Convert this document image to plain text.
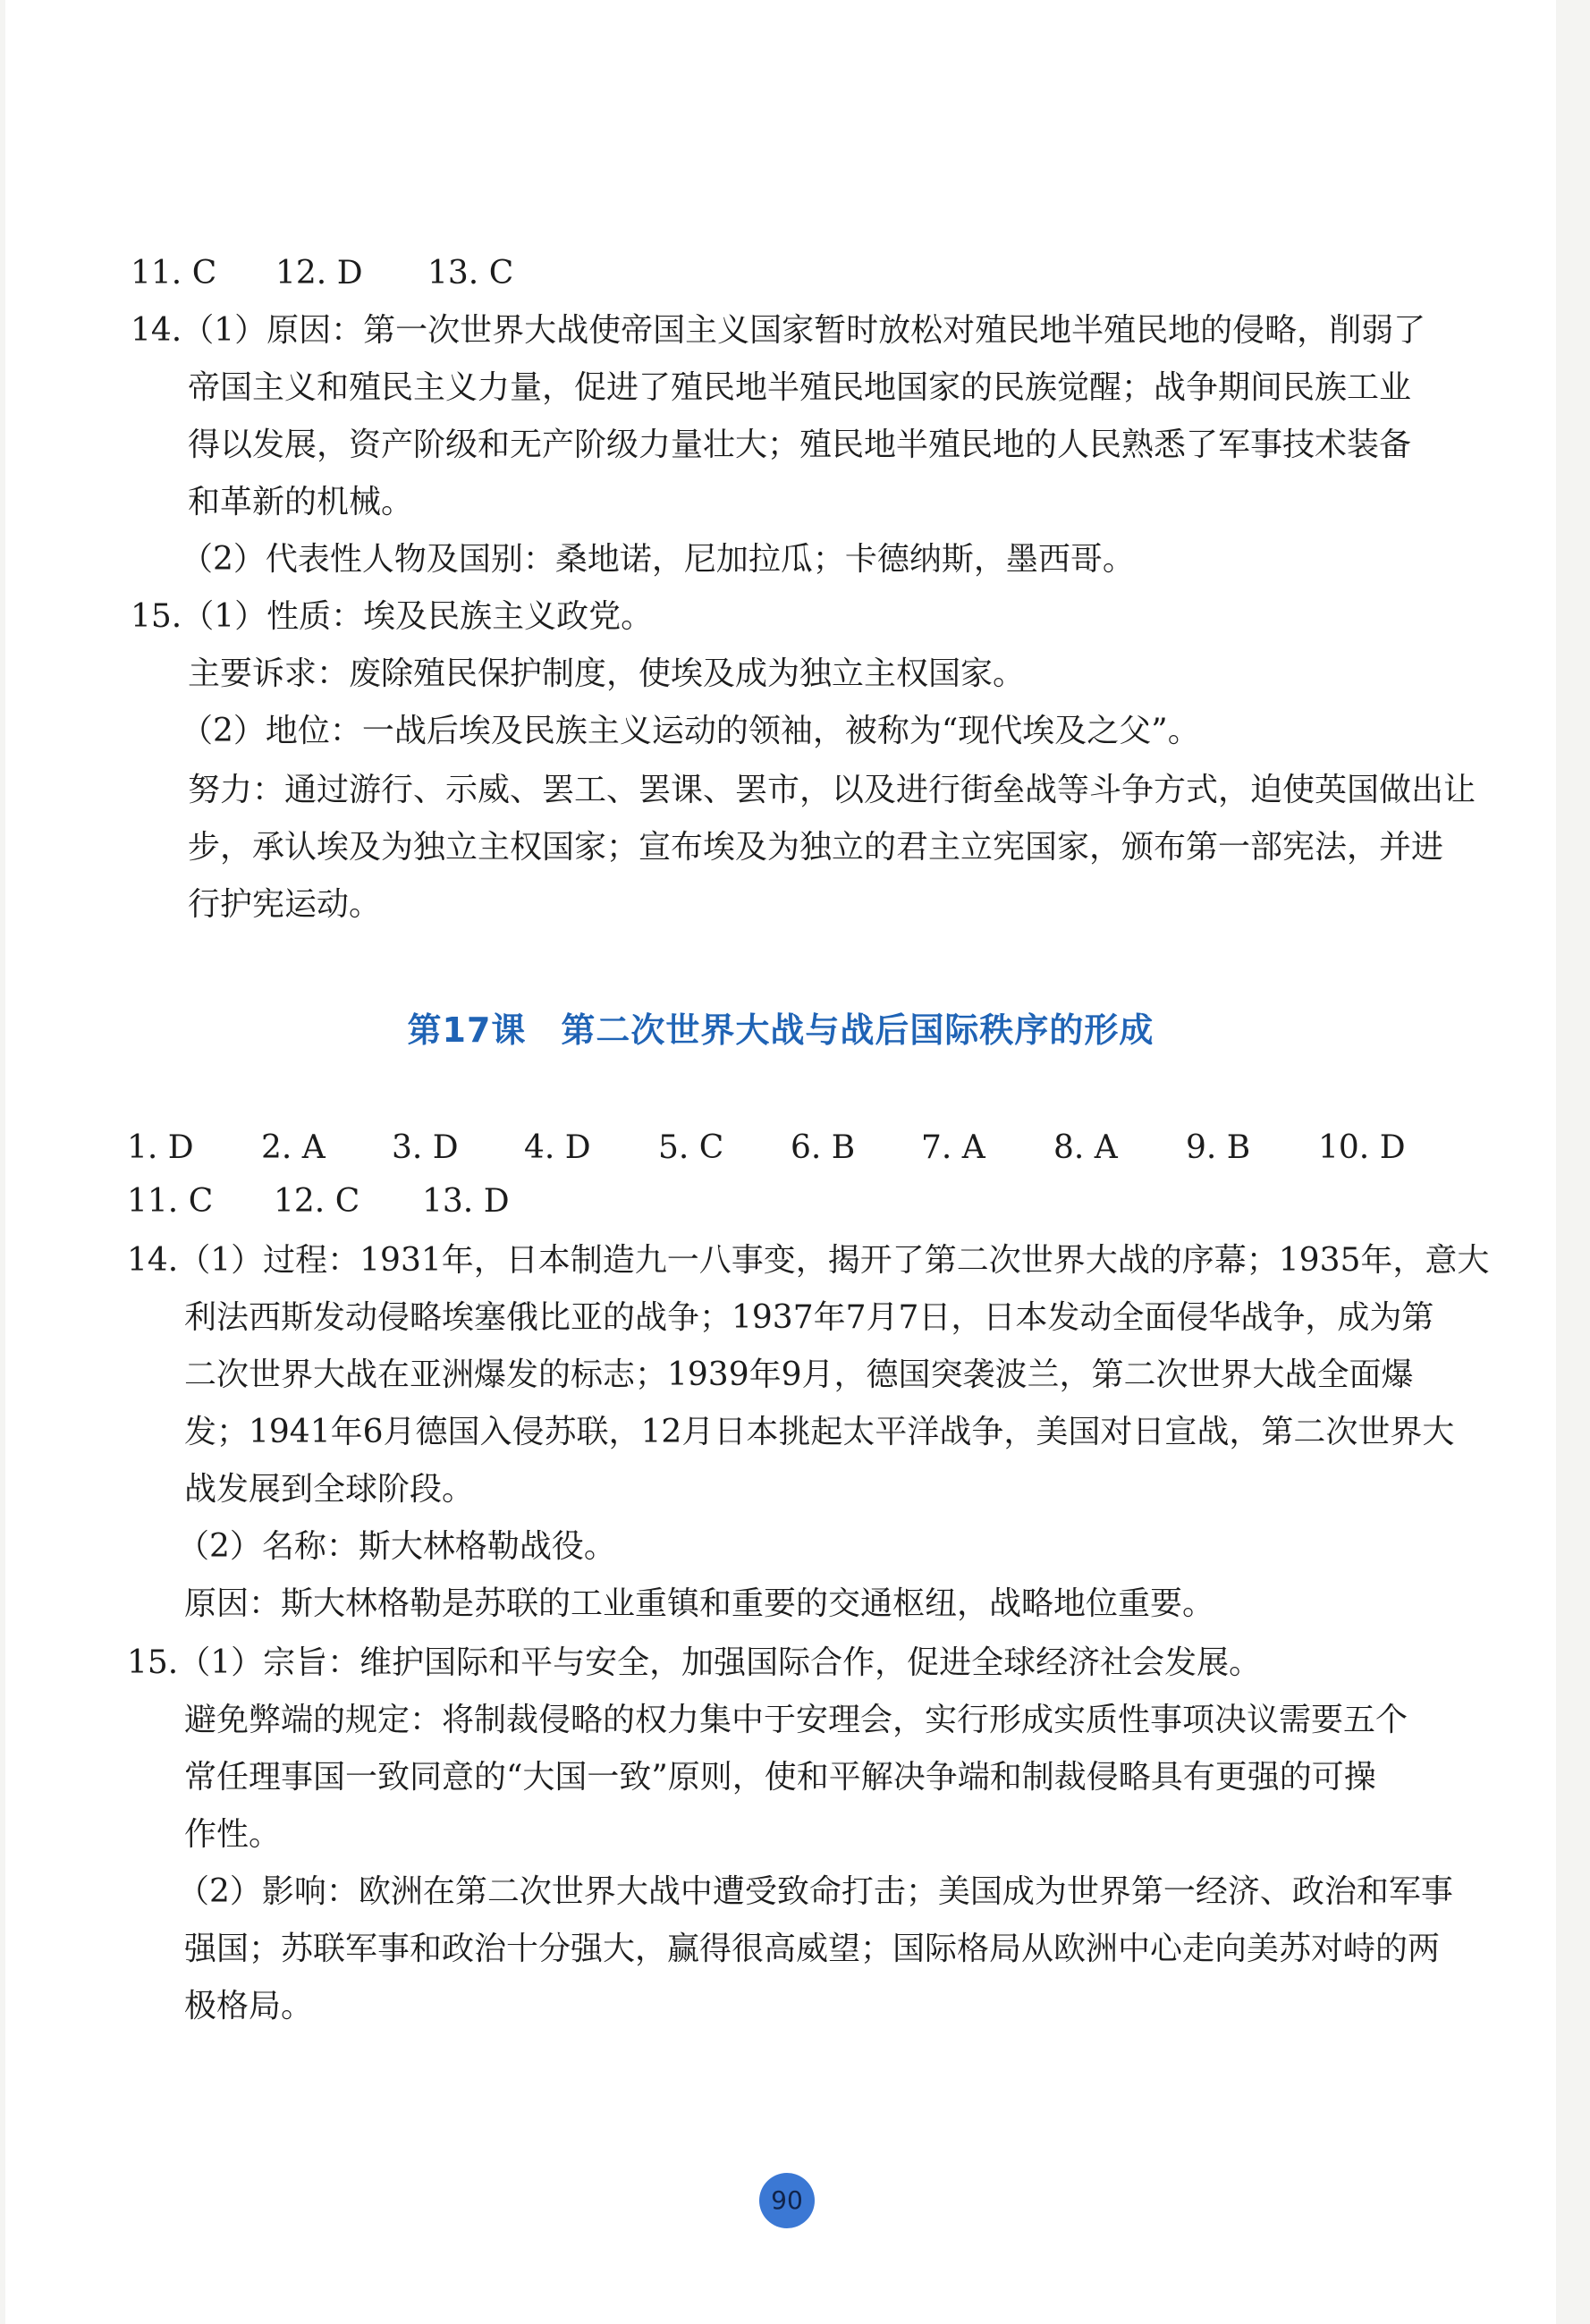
11. C 12. D 13. C
14.（1）原因：第一次世界大战使帝国主义国家暂时放松对殖民地半殖民地的侵略，削弱了
帝国主义和殖民主义力量，促进了殖民地半殖民地国家的民族觉醒；战争期间民族工业
得以发展，资产阶级和无产阶级力量壮大；殖民地半殖民地的人民熟悉了军事技术装备
和革新的机械。
（2）代表性人物及国别：桑地诺，尼加拉瓜；卡德纳斯，墨西哥。
15.（1）性质：埃及民族主义政党。
主要诉求：废除殖民保护制度，使埃及成为独立主权国家。
（2）地位：一战后埃及民族主义运动的领袖，被称为“现代埃及之父”。
努力：通过游行、示威、罢工、罢课、罢市，以及进行街垒战等斗争方式，迫使英国做出让
步，承认埃及为独立主权国家；宣布埃及为独立的君主立宪国家，颁布第一部宪法，并进
行护宪运动。
第17课　第二次世界大战与战后国际秩序的形成
1. D 2. A 3. D 4. D 5. C 6. B 7. A 8. A 9. B 10. D
11. C 12. C 13. D
14.（1）过程：1931年，日本制造九一八事变，揭开了第二次世界大战的序幕；1935年，意大
利法西斯发动侵略埃塞俄比亚的战争；1937年7月7日，日本发动全面侵华战争，成为第
二次世界大战在亚洲爆发的标志；1939年9月，德国突袭波兰，第二次世界大战全面爆
发；1941年6月德国入侵苏联，12月日本挑起太平洋战争，美国对日宣战，第二次世界大
战发展到全球阶段。
（2）名称：斯大林格勒战役。
原因：斯大林格勒是苏联的工业重镇和重要的交通枢纽，战略地位重要。
15.（1）宗旨：维护国际和平与安全，加强国际合作，促进全球经济社会发展。
避免弊端的规定：将制裁侵略的权力集中于安理会，实行形成实质性事项决议需要五个
常任理事国一致同意的“大国一致”原则，使和平解决争端和制裁侵略具有更强的可操
作性。
（2）影响：欧洲在第二次世界大战中遭受致命打击；美国成为世界第一经济、政治和军事
强国；苏联军事和政治十分强大，赢得很高威望；国际格局从欧洲中心走向美苏对峙的两
极格局。
90
